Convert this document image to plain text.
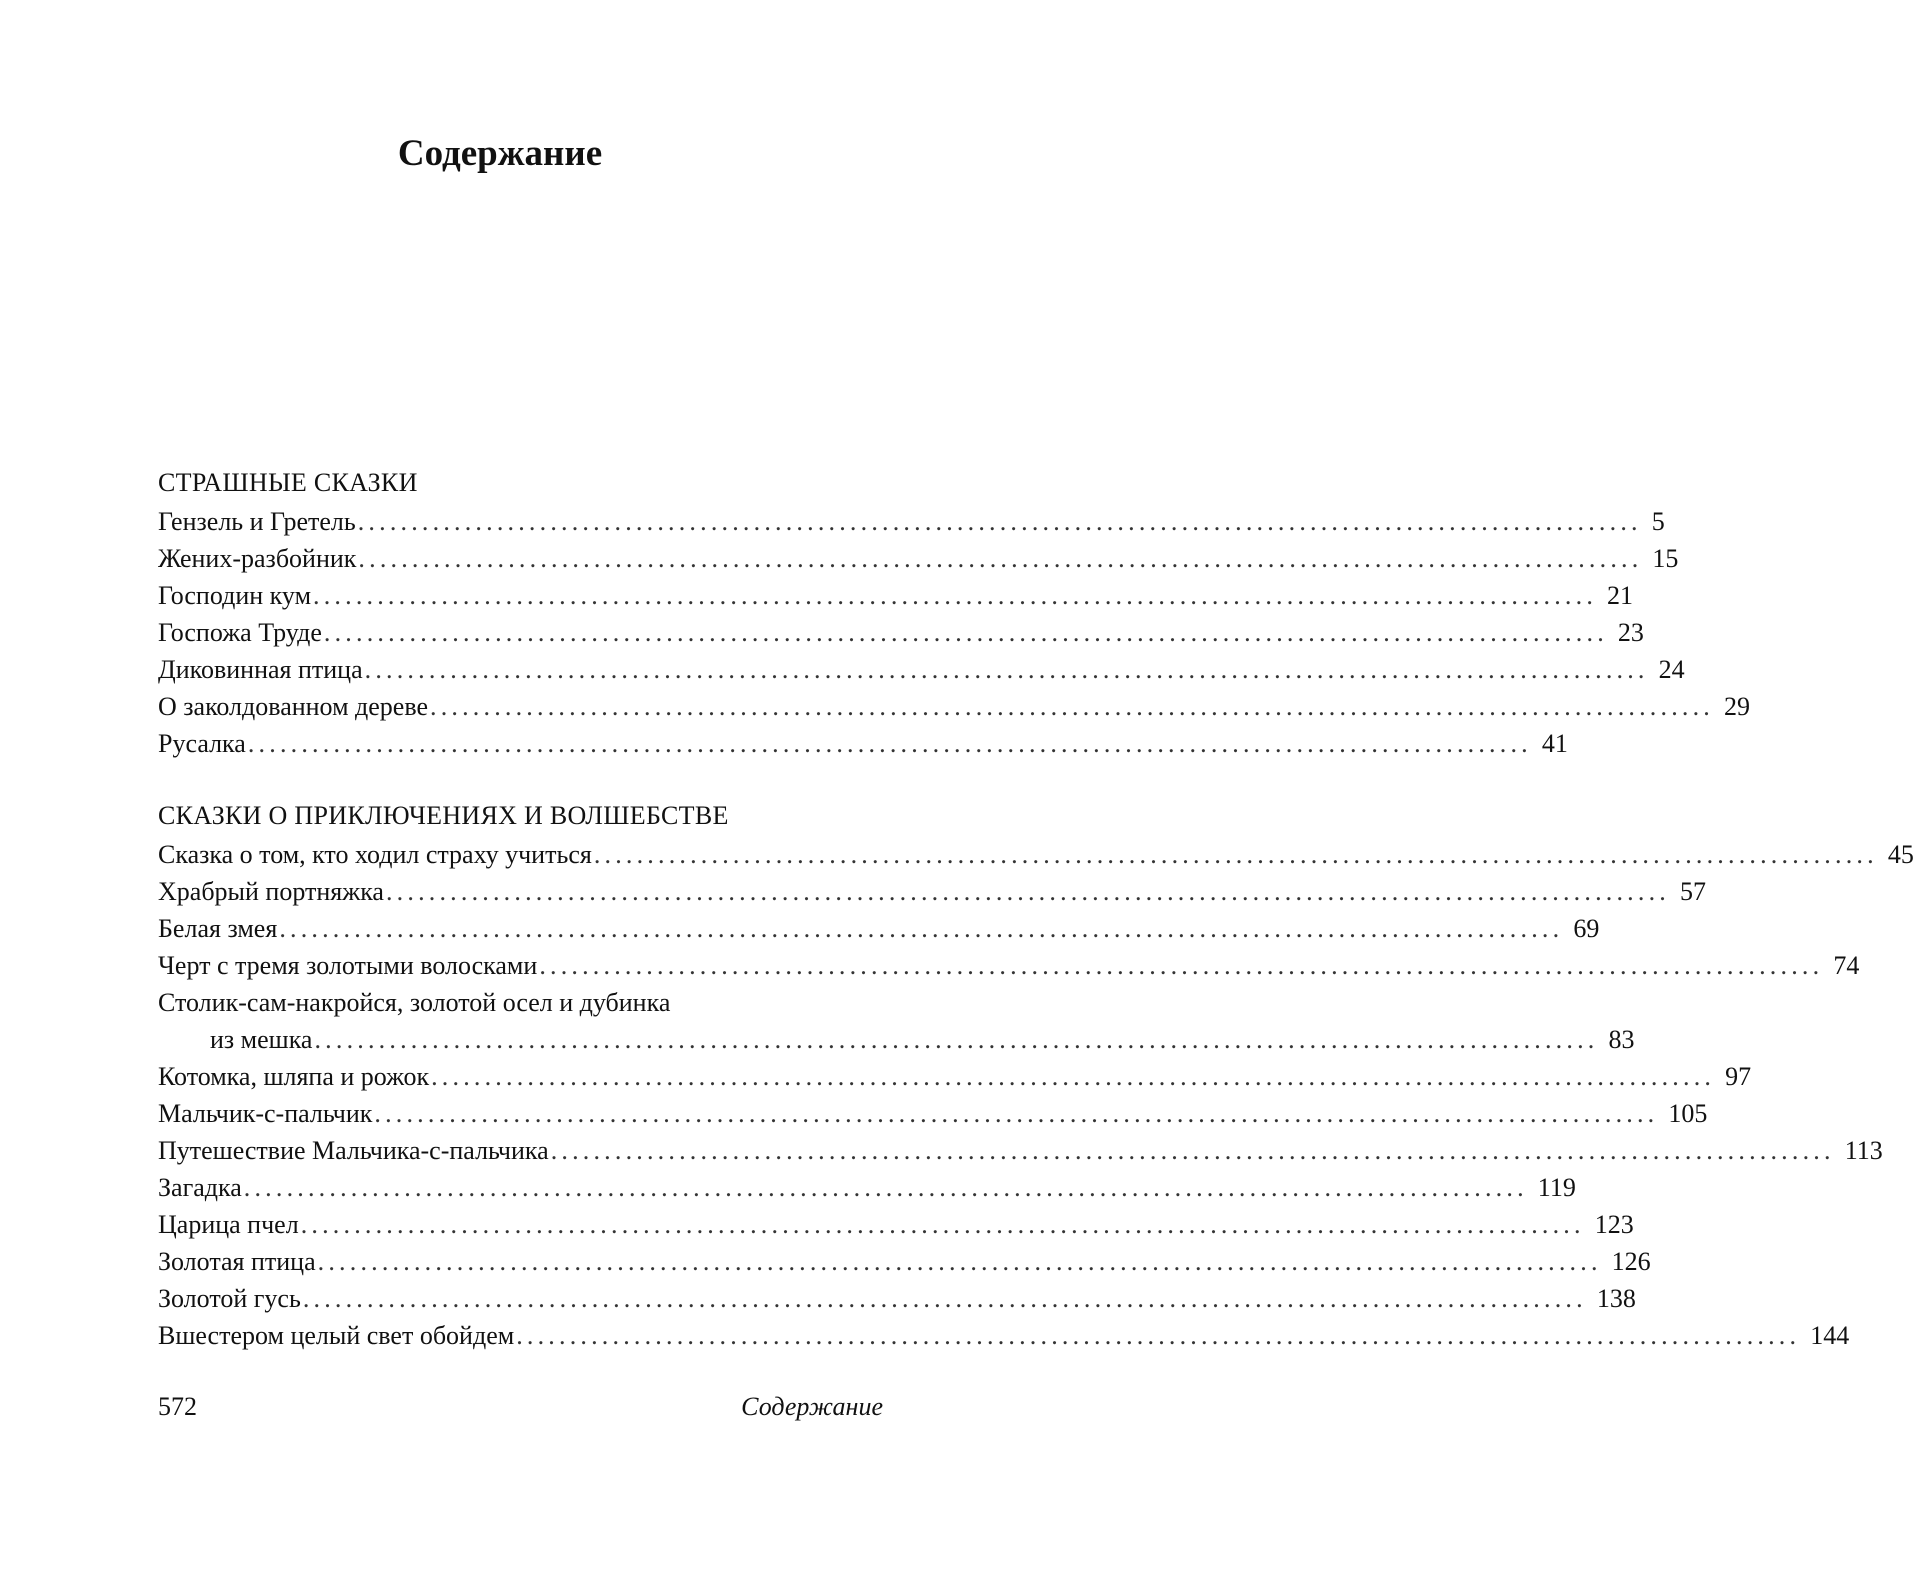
Содержание
СТРАШНЫЕ СКАЗКИ
Гензель и Гретель ........................................................................................................................ 5
Жених-разбойник ........................................................................................................................ 15
Господин кум ........................................................................................................................ 21
Госпожа Труде ........................................................................................................................ 23
Диковинная птица ........................................................................................................................ 24
О заколдованном дереве ........................................................................................................................ 29
Русалка ........................................................................................................................ 41
СКАЗКИ О ПРИКЛЮЧЕНИЯХ И ВОЛШЕБСТВЕ
Сказка о том, кто ходил страху учиться ........................................................................................................................ 45
Храбрый портняжка ........................................................................................................................ 57
Белая змея ........................................................................................................................ 69
Черт с тремя золотыми волосками ........................................................................................................................ 74
Столик-сам-накройся, золотой осел и дубинка
из мешка ........................................................................................................................ 83
Котомка, шляпа и рожок ........................................................................................................................ 97
Мальчик-с-пальчик ........................................................................................................................ 105
Путешествие Мальчика-с-пальчика ........................................................................................................................ 113
Загадка ........................................................................................................................ 119
Царица пчел ........................................................................................................................ 123
Золотая птица ........................................................................................................................ 126
Золотой гусь ........................................................................................................................ 138
Вшестером целый свет обойдем ........................................................................................................................ 144
572	Содержание
